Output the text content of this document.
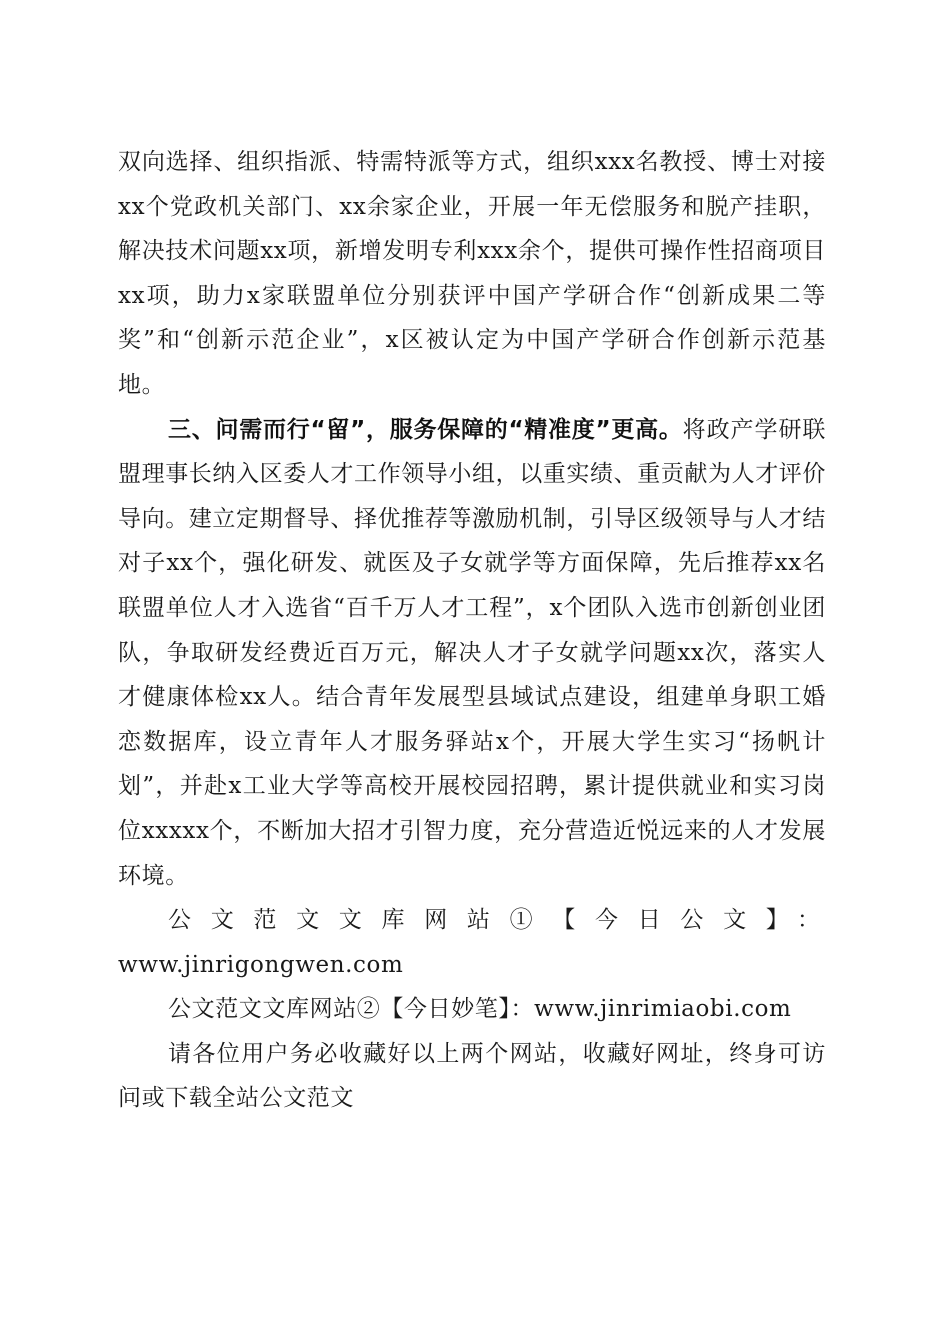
双向选择、组织指派、特需特派等方式，组织xxx名教授、博士对接xx个党政机关部门、xx余家企业，开展一年无偿服务和脱产挂职，解决技术问题xx项，新增发明专利xxx余个，提供可操作性招商项目xx项，助力x家联盟单位分别获评中国产学研合作“创新成果二等奖”和“创新示范企业”，x区被认定为中国产学研合作创新示范基地。

三、问需而行“留”，服务保障的“精准度”更高。将政产学研联盟理事长纳入区委人才工作领导小组，以重实绩、重贡献为人才评价导向。建立定期督导、择优推荐等激励机制，引导区级领导与人才结对子xx个，强化研发、就医及子女就学等方面保障，先后推荐xx名联盟单位人才入选省“百千万人才工程”，x个团队入选市创新创业团队，争取研发经费近百万元，解决人才子女就学问题xx次，落实人才健康体检xx人。结合青年发展型县域试点建设，组建单身职工婚恋数据库，设立青年人才服务驿站x个，开展大学生实习“扬帆计划”，并赴x工业大学等高校开展校园招聘，累计提供就业和实习岗位xxxxx个，不断加大招才引智力度，充分营造近悦远来的人才发展环境。

公文范文文库网站①【今日公文】：

www.jinrigongwen.com

公文范文文库网站②【今日妙笔】：www.jinrimiaobi.com

请各位用户务必收藏好以上两个网站，收藏好网址，终身可访问或下载全站公文范文
